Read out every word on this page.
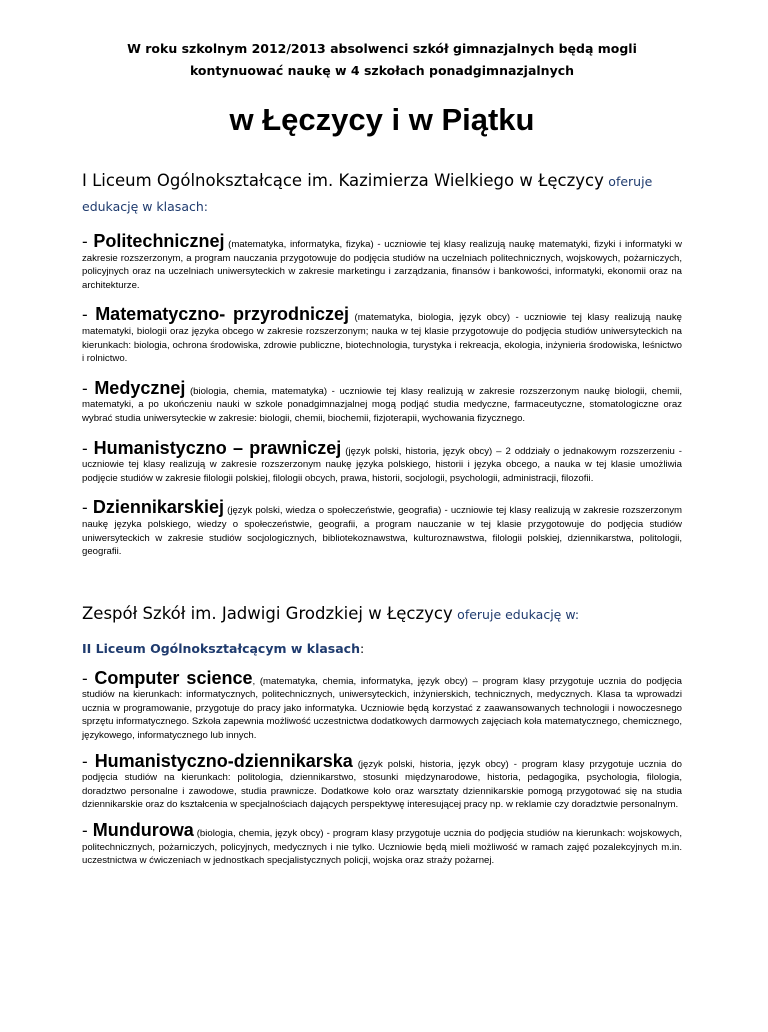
W roku szkolnym 2012/2013 absolwenci szkół gimnazjalnych będą mogli
kontynuować naukę w 4 szkołach ponadgimnazjalnych
w Łęczycy i w Piątku
I Liceum Ogólnokształcące im. Kazimierza Wielkiego w Łęczycy oferuje edukację w klasach:
- Politechnicznej (matematyka, informatyka, fizyka) - uczniowie tej klasy realizują naukę matematyki, fizyki i informatyki w zakresie rozszerzonym, a program nauczania przygotowuje do podjęcia studiów na uczelniach politechnicznych, wojskowych, pożarniczych, policyjnych oraz na uczelniach uniwersyteckich w zakresie marketingu i zarządzania, finansów i bankowości, informatyki, ekonomii oraz na architekturze.
- Matematyczno- przyrodniczej (matematyka, biologia, język obcy) - uczniowie tej klasy realizują naukę matematyki, biologii oraz języka obcego w zakresie rozszerzonym; nauka w tej klasie przygotowuje do podjęcia studiów uniwersyteckich na kierunkach: biologia, ochrona środowiska, zdrowie publiczne, biotechnologia, turystyka i rekreacja, ekologia, inżynieria środowiska, leśnictwo i rolnictwo.
- Medycznej (biologia, chemia, matematyka) - uczniowie tej klasy realizują w zakresie rozszerzonym naukę biologii, chemii, matematyki, a po ukończeniu nauki w szkole ponadgimnazjalnej mogą podjąć studia medyczne, farmaceutyczne, stomatologiczne oraz wybrać studia uniwersyteckie w zakresie: biologii, chemii, biochemii, fizjoterapii, wychowania fizycznego.
- Humanistyczno – prawniczej (język polski, historia, język obcy) – 2 oddziały o jednakowym rozszerzeniu - uczniowie tej klasy realizują w zakresie rozszerzonym naukę języka polskiego, historii i języka obcego, a nauka w tej klasie umożliwia podjęcie studiów w zakresie filologii polskiej, filologii obcych, prawa, historii, socjologii, psychologii, administracji, filozofii.
- Dziennikarskiej (język polski, wiedza o społeczeństwie, geografia) - uczniowie tej klasy realizują w zakresie rozszerzonym naukę języka polskiego, wiedzy o społeczeństwie, geografii, a program nauczanie w tej klasie przygotowuje do podjęcia studiów uniwersyteckich w zakresie studiów socjologicznych, bibliotekoznawstwa, kulturoznawstwa, filologii polskiej, dziennikarstwa, politologii, geografii.
Zespół Szkół im. Jadwigi Grodzkiej w Łęczycy oferuje edukację w:
II Liceum Ogólnokształcącym w klasach:
- Computer science, (matematyka, chemia, informatyka, język obcy) – program klasy przygotuje ucznia do podjęcia studiów na kierunkach: informatycznych, politechnicznych, uniwersyteckich, inżynierskich, technicznych, medycznych. Klasa ta wprowadzi ucznia w programowanie, przygotuje do pracy jako informatyka. Uczniowie będą korzystać z zaawansowanych technologii i nowoczesnego sprzętu informatycznego. Szkoła zapewnia możliwość uczestnictwa dodatkowych darmowych zajęciach koła matematycznego, chemicznego, językowego, informatycznego lub innych.
- Humanistyczno-dziennikarska (język polski, historia, język obcy) - program klasy przygotuje ucznia do podjęcia studiów na kierunkach: politologia, dziennikarstwo, stosunki międzynarodowe, historia, pedagogika, psychologia, filologia, doradztwo personalne i zawodowe, studia prawnicze. Dodatkowe koło oraz warsztaty dziennikarskie pomogą przygotować się na studia dziennikarskie oraz do kształcenia w specjalnościach dających perspektywę interesującej pracy np. w reklamie czy doradztwie personalnym.
- Mundurowa (biologia, chemia, język obcy) - program klasy przygotuje ucznia do podjęcia studiów na kierunkach: wojskowych, politechnicznych, pożarniczych, policyjnych, medycznych i nie tylko. Uczniowie będą mieli możliwość w ramach zajęć pozalekcyjnych m.in. uczestnictwa w ćwiczeniach w jednostkach specjalistycznych policji, wojska oraz straży pożarnej.
